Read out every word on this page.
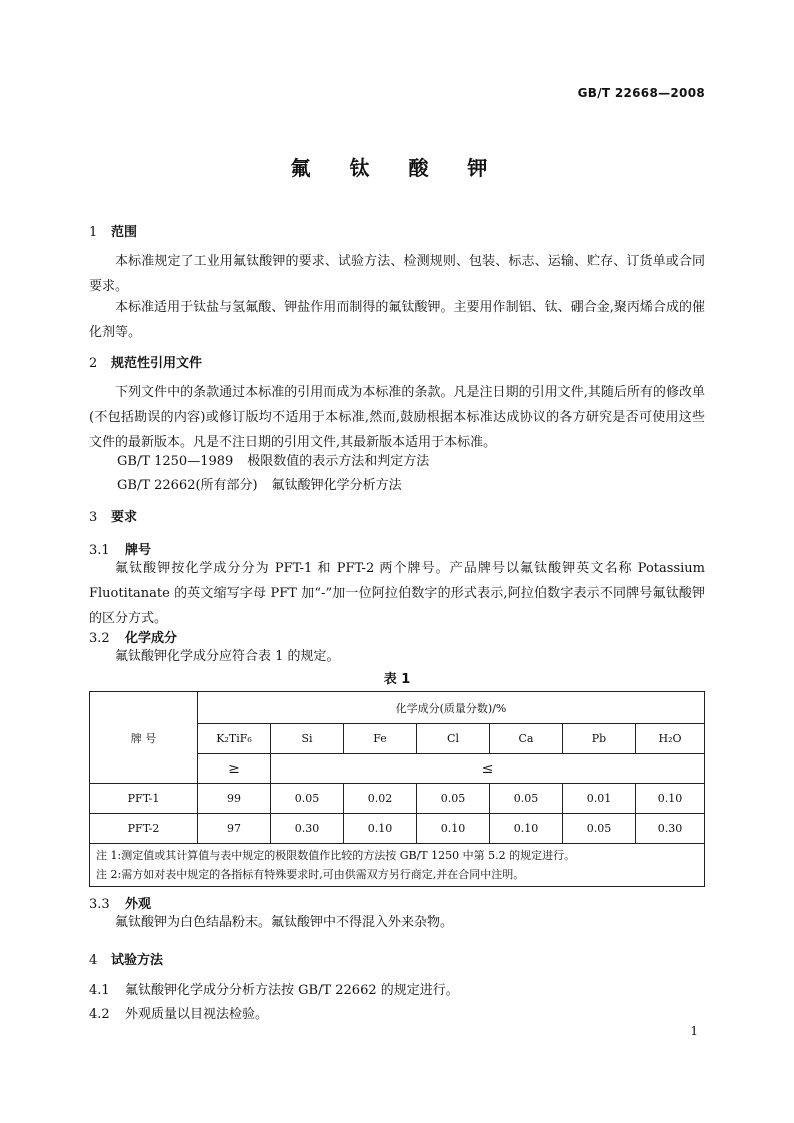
GB/T 22668—2008
氟 钛 酸 钾
1 范围

本标准规定了工业用氟钛酸钾的要求、试验方法、检测规则、包装、标志、运输、贮存、订货单或合同要求。

本标准适用于钛盐与氢氟酸、钾盐作用而制得的氟钛酸钾。主要用作制铝、钛、硼合金,聚丙烯合成的催化剂等。

2 规范性引用文件

下列文件中的条款通过本标准的引用而成为本标准的条款。凡是注日期的引用文件,其随后所有的修改单(不包括勘误的内容)或修订版均不适用于本标准,然而,鼓励根据本标准达成协议的各方研究是否可使用这些文件的最新版本。凡是不注日期的引用文件,其最新版本适用于本标准。

GB/T 1250—1989 极限数值的表示方法和判定方法
GB/T 22662(所有部分) 氟钛酸钾化学分析方法
3 要求
3.1 牌号

氟钛酸钾按化学成分分为 PFT-1 和 PFT-2 两个牌号。产品牌号以氟钛酸钾英文名称 Potassium Fluotitanate 的英文缩写字母 PFT 加“-”加一位阿拉伯数字的形式表示,阿拉伯数字表示不同牌号氟钛酸钾的区分方式。

3.2 化学成分

氟钛酸钾化学成分应符合表 1 的规定。

表 1
牌 号	化学成分(质量分数)/%						
	K₂TiF₆	Si	Fe	Cl	Ca	Pb	H₂O
	≥	≤					
PFT-1	99	0.05	0.02	0.05	0.05	0.01	0.10
PFT-2	97	0.30	0.10	0.10	0.10	0.05	0.30

注 1:测定值或其计算值与表中规定的极限数值作比较的方法按 GB/T 1250 中第 5.2 的规定进行。
注 2:需方如对表中规定的各指标有特殊要求时,可由供需双方另行商定,并在合同中注明。							
3.3 外观

氟钛酸钾为白色结晶粉末。氟钛酸钾中不得混入外来杂物。

4 试验方法
4.1 氟钛酸钾化学成分分析方法按 GB/T 22662 的规定进行。
4.2 外观质量以目视法检验。
1
